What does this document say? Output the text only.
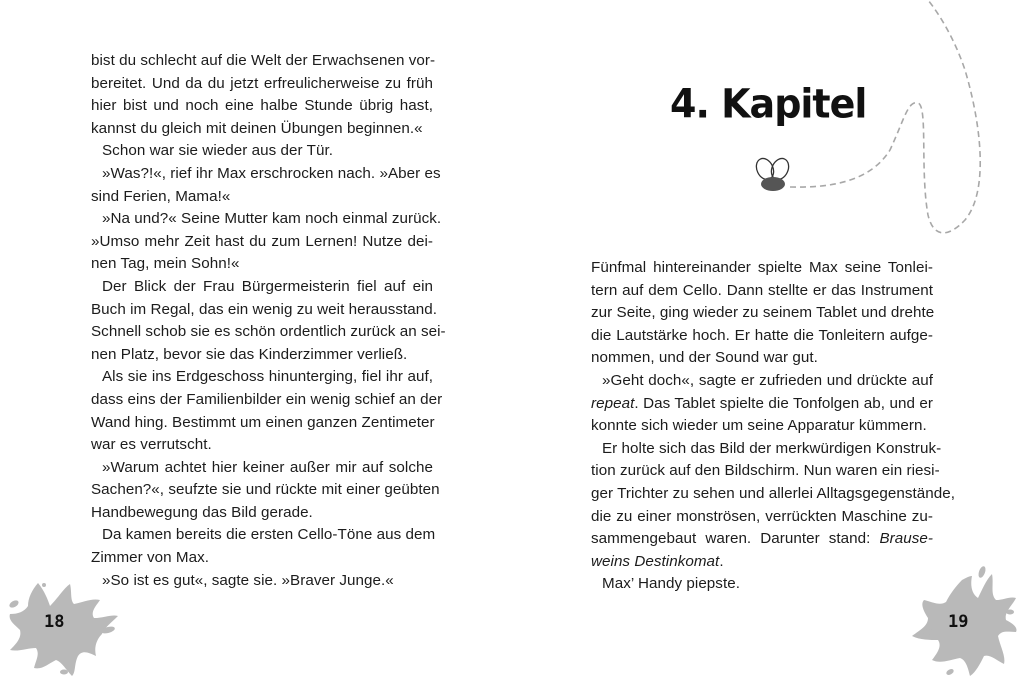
bist du schlecht auf die Welt der Erwachsenen vor-
bereitet. Und da du jetzt erfreulicherweise zu früh
hier bist und noch eine halbe Stunde übrig hast,
kannst du gleich mit deinen Übungen beginnen.«
Schon war sie wieder aus der Tür.
»Was?!«, rief ihr Max erschrocken nach. »Aber es
sind Ferien, Mama!«
»Na und?« Seine Mutter kam noch einmal zurück.
»Umso mehr Zeit hast du zum Lernen! Nutze dei-
nen Tag, mein Sohn!«
Der Blick der Frau Bürgermeisterin fiel auf ein
Buch im Regal, das ein wenig zu weit herausstand.
Schnell schob sie es schön ordentlich zurück an sei-
nen Platz, bevor sie das Kinderzimmer verließ.
Als sie ins Erdgeschoss hinunterging, fiel ihr auf,
dass eins der Familienbilder ein wenig schief an der
Wand hing. Bestimmt um einen ganzen Zentimeter
war es verrutscht.
»Warum achtet hier keiner außer mir auf solche
Sachen?«, seufzte sie und rückte mit einer geübten
Handbewegung das Bild gerade.
Da kamen bereits die ersten Cello-Töne aus dem
Zimmer von Max.
»So ist es gut«, sagte sie. »Braver Junge.«
18
4. Kapitel
Fünfmal hintereinander spielte Max seine Tonlei-
tern auf dem Cello. Dann stellte er das Instrument
zur Seite, ging wieder zu seinem Tablet und drehte
die Lautstärke hoch. Er hatte die Tonleitern aufge-
nommen, und der Sound war gut.
»Geht doch«, sagte er zufrieden und drückte auf
repeat. Das Tablet spielte die Tonfolgen ab, und er
konnte sich wieder um seine Apparatur kümmern.
Er holte sich das Bild der merkwürdigen Konstruk-
tion zurück auf den Bildschirm. Nun waren ein riesi-
ger Trichter zu sehen und allerlei Alltagsgegenstände,
die zu einer monströsen, verrückten Maschine zu-
sammengebaut waren. Darunter stand: Brause-
weins Destinkomat.
Max’ Handy piepste.
19
